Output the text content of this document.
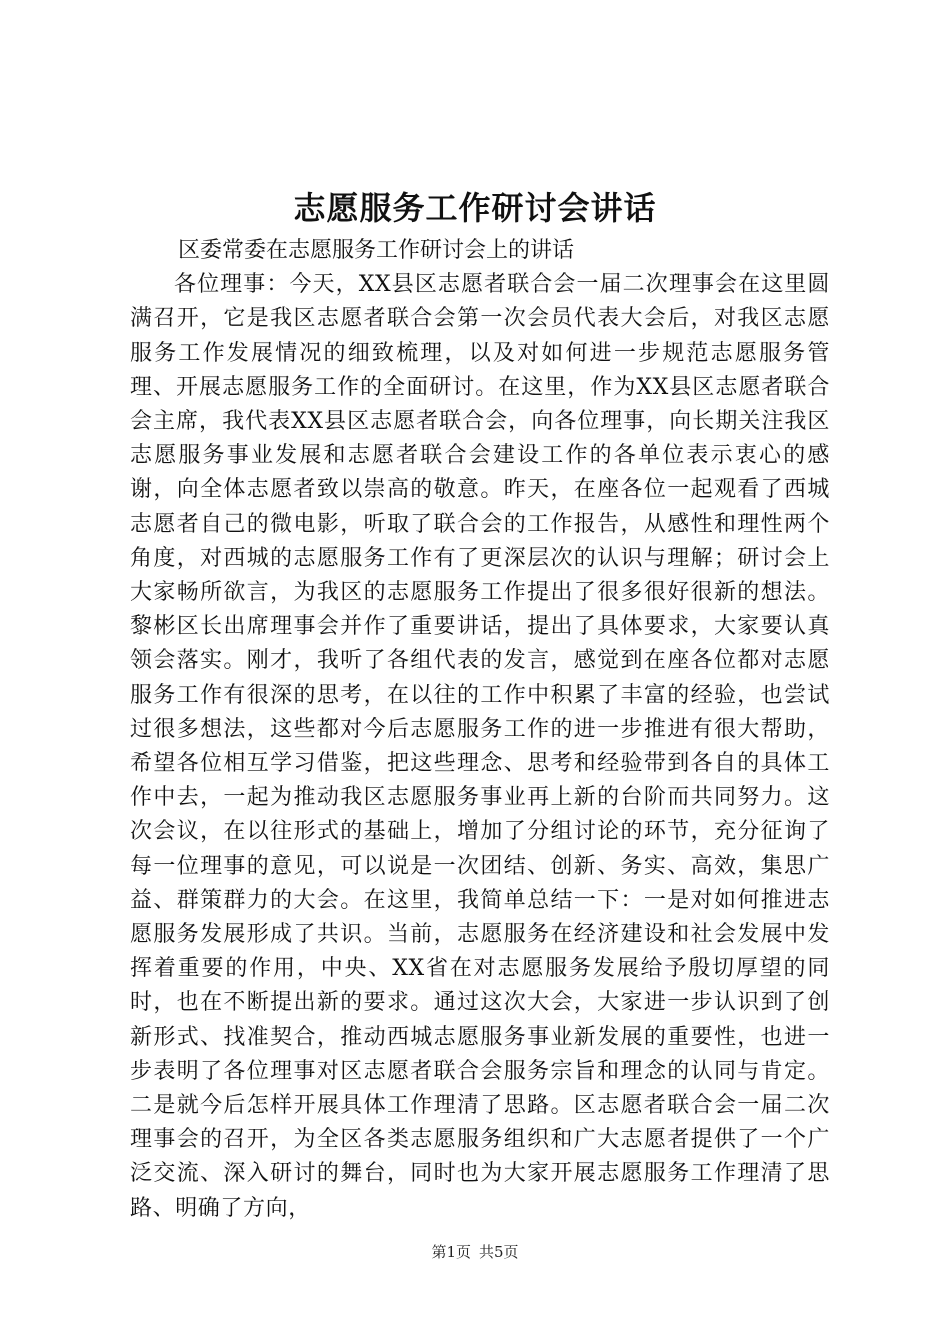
志愿服务工作研讨会讲话

区委常委在志愿服务工作研讨会上的讲话

各位理事：今天，XX县区志愿者联合会一届二次理事会在这里圆满召开，它是我区志愿者联合会第一次会员代表大会后，对我区志愿服务工作发展情况的细致梳理，以及对如何进一步规范志愿服务管理、开展志愿服务工作的全面研讨。在这里，作为XX县区志愿者联合会主席，我代表XX县区志愿者联合会，向各位理事，向长期关注我区志愿服务事业发展和志愿者联合会建设工作的各单位表示衷心的感谢，向全体志愿者致以崇高的敬意。昨天，在座各位一起观看了西城志愿者自己的微电影，听取了联合会的工作报告，从感性和理性两个角度，对西城的志愿服务工作有了更深层次的认识与理解；研讨会上大家畅所欲言，为我区的志愿服务工作提出了很多很好很新的想法。黎彬区长出席理事会并作了重要讲话，提出了具体要求，大家要认真领会落实。刚才，我听了各组代表的发言，感觉到在座各位都对志愿服务工作有很深的思考，在以往的工作中积累了丰富的经验，也尝试过很多想法，这些都对今后志愿服务工作的进一步推进有很大帮助，希望各位相互学习借鉴，把这些理念、思考和经验带到各自的具体工作中去，一起为推动我区志愿服务事业再上新的台阶而共同努力。这次会议，在以往形式的基础上，增加了分组讨论的环节，充分征询了每一位理事的意见，可以说是一次团结、创新、务实、高效，集思广益、群策群力的大会。在这里，我简单总结一下：一是对如何推进志愿服务发展形成了共识。当前，志愿服务在经济建设和社会发展中发挥着重要的作用，中央、XX省在对志愿服务发展给予殷切厚望的同时，也在不断提出新的要求。通过这次大会，大家进一步认识到了创新形式、找准契合，推动西城志愿服务事业新发展的重要性，也进一步表明了各位理事对区志愿者联合会服务宗旨和理念的认同与肯定。二是就今后怎样开展具体工作理清了思路。区志愿者联合会一届二次理事会的召开，为全区各类志愿服务组织和广大志愿者提供了一个广泛交流、深入研讨的舞台，同时也为大家开展志愿服务工作理清了思路、明确了方向，

第1页 共5页
